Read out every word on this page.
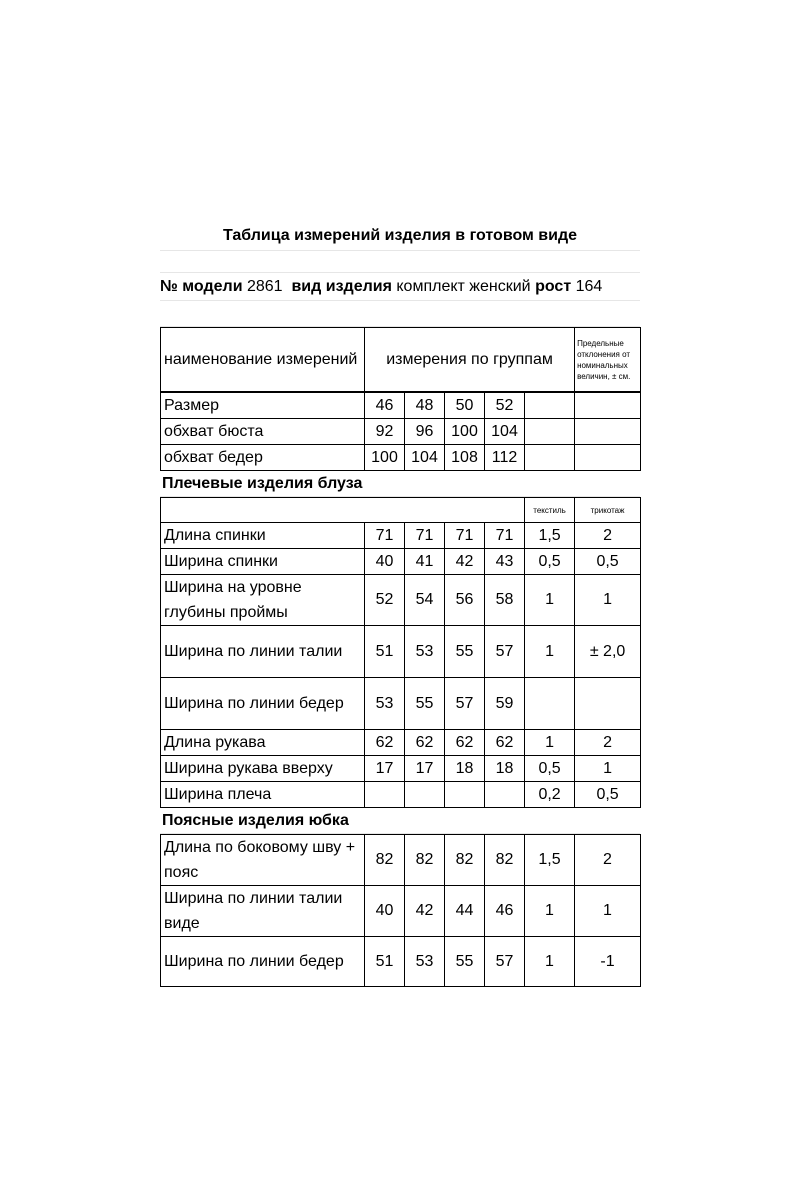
Таблица измерений изделия в готовом виде
№ модели 2861 вид изделия комплект женский рост 164
наименование измерений	измерения по группам	Предельные отклонения от номинальных величин, ± см.
Размер	46	48	50	52		
обхват бюста	92	96	100	104		
обхват бедер	100	104	108	112		
Плечевые изделия блуза
					текстиль	трикотаж
Длина спинки	71	71	71	71	1,5	2
Ширина спинки	40	41	42	43	0,5	0,5
Ширина на уровне глубины проймы	52	54	56	58	1	1
Ширина по линии талии	51	53	55	57	1	± 2,0
Ширина по линии бедер	53	55	57	59		
Длина рукава	62	62	62	62	1	2
Ширина рукава вверху	17	17	18	18	0,5	1
Ширина плеча					0,2	0,5
Поясные изделия юбка
Длина по боковому шву + пояс	82	82	82	82	1,5	2
Ширина по линии талии виде	40	42	44	46	1	1
Ширина по линии бедер	51	53	55	57	1	-1
